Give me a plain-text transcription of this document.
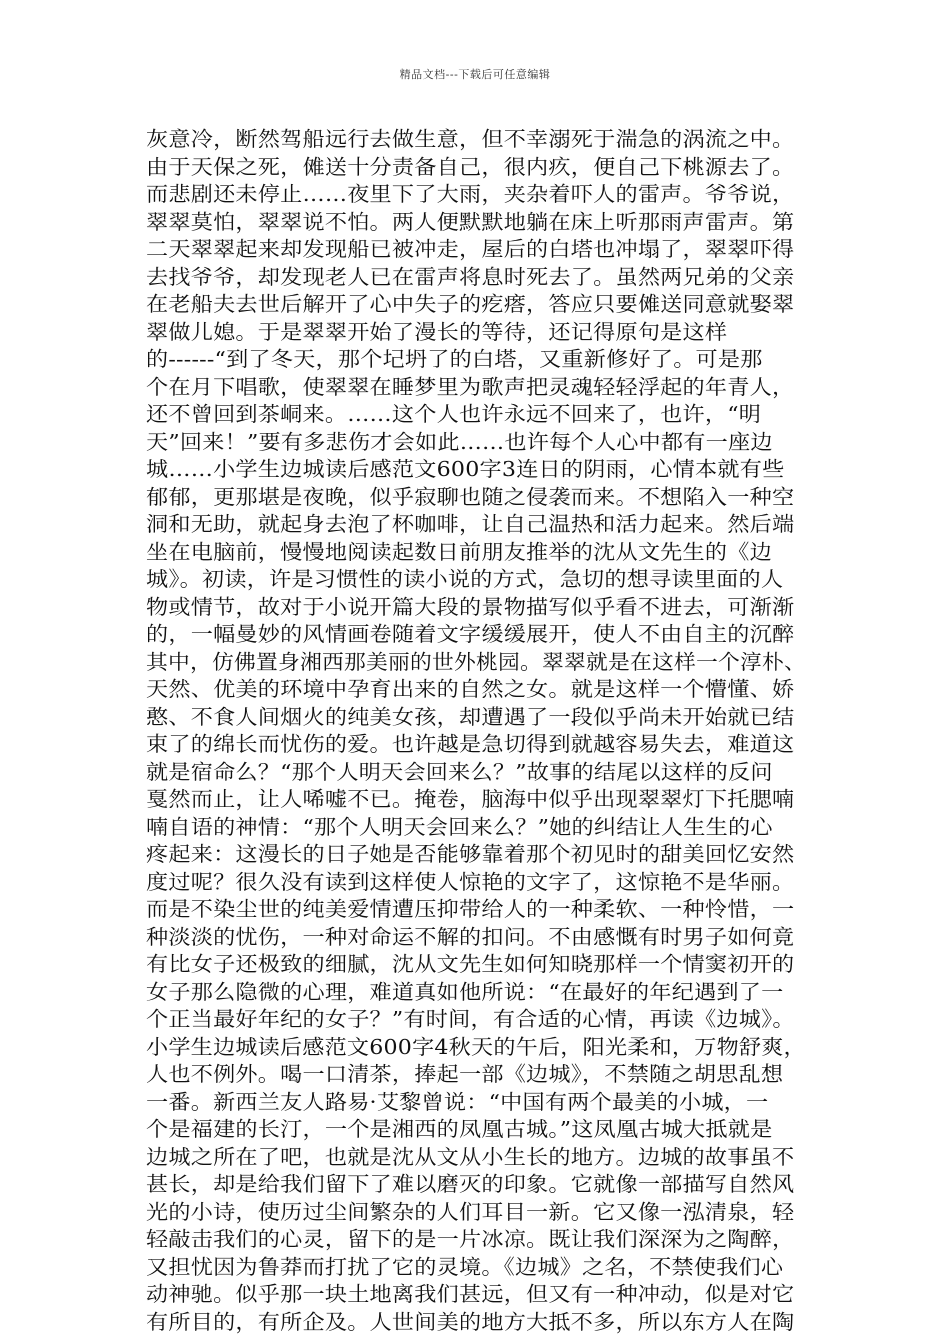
精品文档---下载后可任意编辑
灰意冷，断然驾船远行去做生意，但不幸溺死于湍急的涡流之中。
由于天保之死，傩送十分责备自己，很内疚，便自己下桃源去了。
而悲剧还未停止……夜里下了大雨，夹杂着吓人的雷声。爷爷说，
翠翠莫怕，翠翠说不怕。两人便默默地躺在床上听那雨声雷声。第
二天翠翠起来却发现船已被冲走，屋后的白塔也冲塌了，翠翠吓得
去找爷爷，却发现老人已在雷声将息时死去了。虽然两兄弟的父亲
在老船夫去世后解开了心中失子的疙瘩，答应只要傩送同意就娶翠
翠做儿媳。于是翠翠开始了漫长的等待，还记得原句是这样
的------“到了冬天，那个圮坍了的白塔，又重新修好了。可是那
个在月下唱歌，使翠翠在睡梦里为歌声把灵魂轻轻浮起的年青人，
还不曾回到茶峒来。……这个人也许永远不回来了，也许，“明
天”回来！”要有多悲伤才会如此……也许每个人心中都有一座边
城……小学生边城读后感范文600字3连日的阴雨，心情本就有些
郁郁，更那堪是夜晚，似乎寂聊也随之侵袭而来。不想陷入一种空
洞和无助，就起身去泡了杯咖啡，让自己温热和活力起来。然后端
坐在电脑前，慢慢地阅读起数日前朋友推举的沈从文先生的《边
城》。初读，许是习惯性的读小说的方式，急切的想寻读里面的人
物或情节，故对于小说开篇大段的景物描写似乎看不进去，可渐渐
的，一幅曼妙的风情画卷随着文字缓缓展开，使人不由自主的沉醉
其中，仿佛置身湘西那美丽的世外桃园。翠翠就是在这样一个淳朴、
天然、优美的环境中孕育出来的自然之女。就是这样一个懵懂、娇
憨、不食人间烟火的纯美女孩，却遭遇了一段似乎尚未开始就已结
束了的绵长而忧伤的爱。也许越是急切得到就越容易失去，难道这
就是宿命么？“那个人明天会回来么？”故事的结尾以这样的反问
戛然而止，让人唏嘘不已。掩卷，脑海中似乎出现翠翠灯下托腮喃
喃自语的神情：“那个人明天会回来么？”她的纠结让人生生的心
疼起来：这漫长的日子她是否能够靠着那个初见时的甜美回忆安然
度过呢？很久没有读到这样使人惊艳的文字了，这惊艳不是华丽。
而是不染尘世的纯美爱情遭压抑带给人的一种柔软、一种怜惜，一
种淡淡的忧伤，一种对命运不解的扣问。不由感慨有时男子如何竟
有比女子还极致的细腻，沈从文先生如何知晓那样一个情窦初开的
女子那么隐微的心理，难道真如他所说：“在最好的年纪遇到了一
个正当最好年纪的女子？”有时间，有合适的心情，再读《边城》。
小学生边城读后感范文600字4秋天的午后，阳光柔和，万物舒爽，
人也不例外。喝一口清茶，捧起一部《边城》，不禁随之胡思乱想
一番。新西兰友人路易·艾黎曾说：“中国有两个最美的小城，一
个是福建的长汀，一个是湘西的凤凰古城。”这凤凰古城大抵就是
边城之所在了吧，也就是沈从文从小生长的地方。边城的故事虽不
甚长，却是给我们留下了难以磨灭的印象。它就像一部描写自然风
光的小诗，使历过尘间繁杂的人们耳目一新。它又像一泓清泉，轻
轻敲击我们的心灵，留下的是一片冰凉。既让我们深深为之陶醉，
又担忧因为鲁莽而打扰了它的灵境。《边城》之名，不禁使我们心
动神驰。似乎那一块土地离我们甚远，但又有一种冲动，似是对它
有所目的，有所企及。人世间美的地方大抵不多，所以东方人在陶
